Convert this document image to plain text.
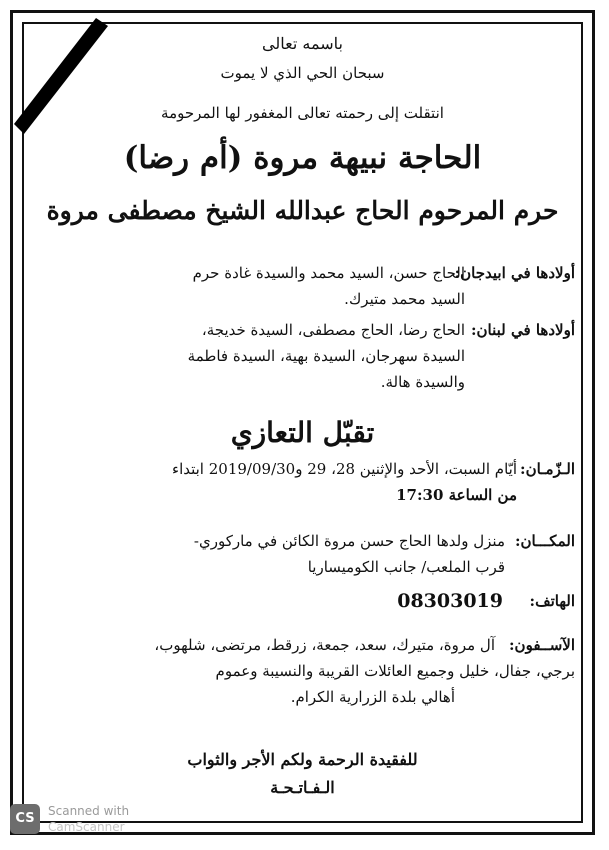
باسمه تعالى
سبحان الحي الذي لا يموت
انتقلت إلى رحمته تعالى المغفور لها المرحومة
الحاجة نبيهة مروة (أم رضا)
حرم المرحوم الحاج عبدالله الشيخ مصطفى مروة
أولادها في ابيدجان:
الحاج حسن، السيد محمد والسيدة غادة حرم
السيد محمد متيرك.
أولادها في لبنان:
الحاج رضا، الحاج مصطفى، السيدة خديجة،
السيدة سهرجان، السيدة بهية، السيدة فاطمة
والسيدة هالة.
تقبّل التعازي
الـزّمـان:
أيّام السبت، الأحد والإثنين 28، 29 و2019/09/30 ابتداء
من الساعة 17:30
المكـــان:
منزل ولدها الحاج حسن مروة الكائن في ماركوري-
قرب الملعب/ جانب الكوميساريا
الهاتف:
08303019
الآســفون:
آل مروة، متيرك، سعد، جمعة، زرقط، مرتضى، شلهوب،
برجي، جفال، خليل وجميع العائلات القريبة والنسيبة وعموم
أهالي بلدة الزرارية الكرام.
للفقيدة الرحمة ولكم الأجر والثواب
الـفـاتـحـة
CS	Scanned with
CamScanner
